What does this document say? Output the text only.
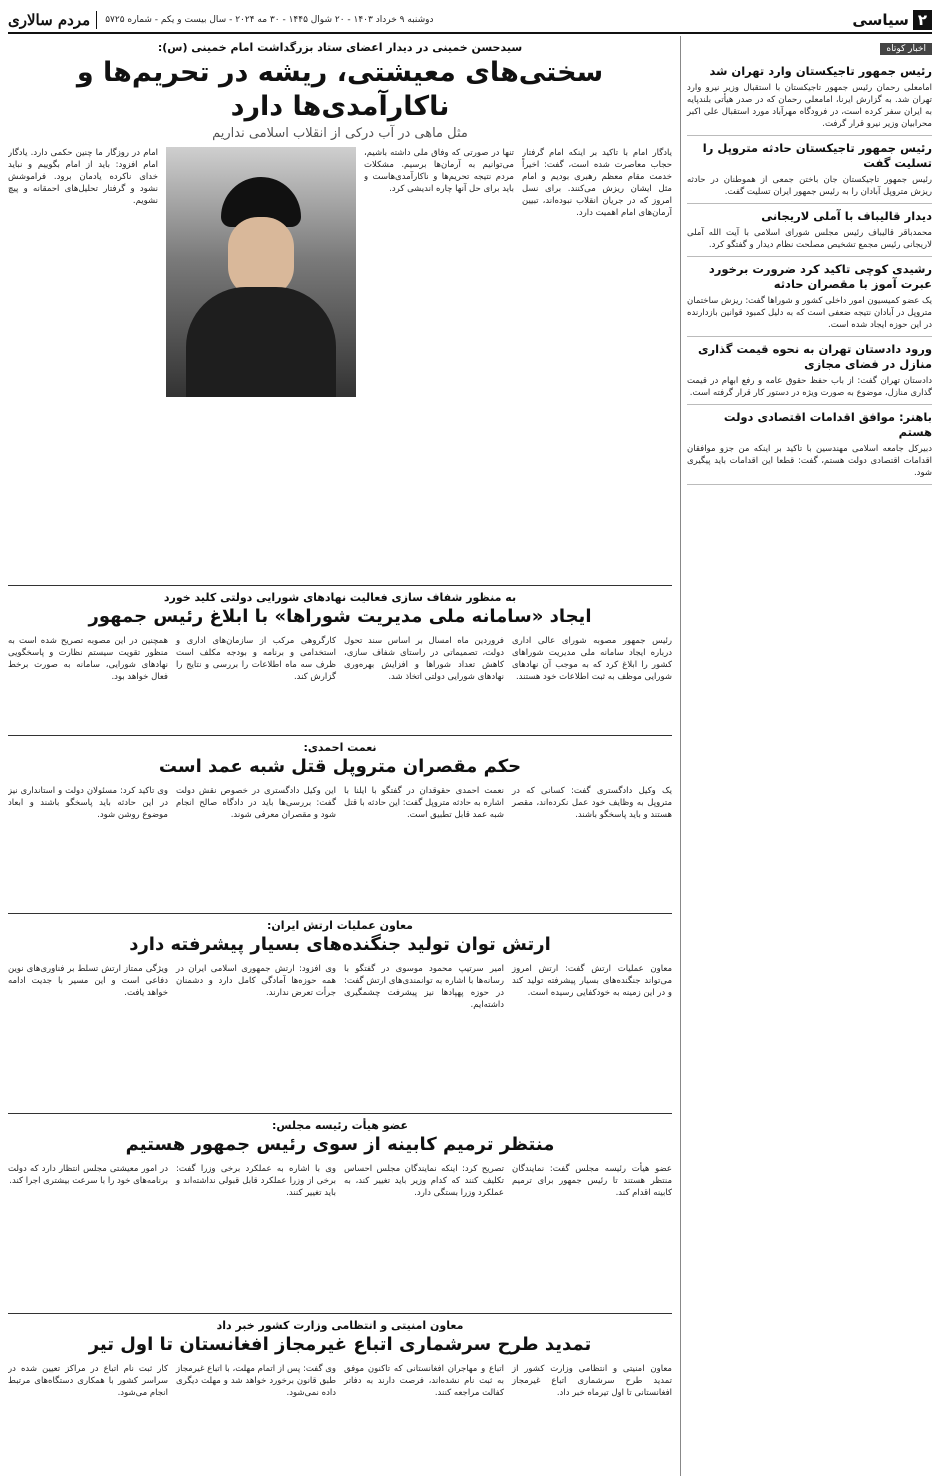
۲
سیاسی
دوشنبه ۹ خرداد ۱۴۰۳ - ۲۰ شوال ۱۴۴۵ - ۳۰ مه ۲۰۲۴ - سال بیست و یکم - شماره ۵۷۲۵
مردم سالاری
اخبار کوتاه
رئیس جمهور تاجیکستان وارد تهران شد

امامعلی رحمان رئیس جمهور تاجیکستان با استقبال وزیر نیرو وارد تهران شد. به گزارش ایرنا، امامعلی رحمان که در صدر هیأتی بلندپایه به ایران سفر کرده است، در فرودگاه مهرآباد مورد استقبال علی اکبر محرابیان وزیر نیرو قرار گرفت.

رئیس جمهور تاجیکستان حادثه متروپل را تسلیت گفت

رئیس جمهور تاجیکستان جان باختن جمعی از هموطنان در حادثه ریزش متروپل آبادان را به رئیس جمهور ایران تسلیت گفت.

دیدار قالیباف با آملی لاریجانی

محمدباقر قالیباف رئیس مجلس شورای اسلامی با آیت الله آملی لاریجانی رئیس مجمع تشخیص مصلحت نظام دیدار و گفتگو کرد.

رشیدی کوچی تاکید کرد ضرورت برخورد عبرت آموز با مقصران حادثه

یک عضو کمیسیون امور داخلی کشور و شوراها گفت: ریزش ساختمان متروپل در آبادان نتیجه ضعفی است که به دلیل کمبود قوانین بازدارنده در این حوزه ایجاد شده است.

ورود دادستان تهران به نحوه قیمت گذاری منازل در فضای مجازی

دادستان تهران گفت: از باب حفظ حقوق عامه و رفع ابهام در قیمت گذاری منازل، موضوع به صورت ویژه در دستور کار قرار گرفته است.

باهنر: موافق اقدامات اقتصادی دولت هستم

دبیرکل جامعه اسلامی مهندسین با تاکید بر اینکه من جزو موافقان اقدامات اقتصادی دولت هستم، گفت: قطعا این اقدامات باید پیگیری شود.

سیدحسن خمینی در دیدار اعضای ستاد بزرگداشت امام خمینی (س):
سختی‌های معیشتی، ریشه در تحریم‌ها و ناکارآمدی‌ها دارد
مثل ماهی در آب درکی از انقلاب اسلامی نداریم
یادگار امام با تاکید بر اینکه امام گرفتار حجاب معاصرت شده است، گفت: اخیراً خدمت مقام معظم رهبری بودیم و امام مثل ایشان ریزش می‌کنند. برای نسل امروز که در جریان انقلاب نبوده‌اند، تبیین آرمان‌های امام اهمیت دارد.
تنها در صورتی که وفاق ملی داشته باشیم، می‌توانیم به آرمان‌ها برسیم. مشکلات مردم نتیجه تحریم‌ها و ناکارآمدی‌هاست و باید برای حل آنها چاره اندیشی کرد.
امام در روزگار ما چنین حکمی دارد. یادگار امام افزود: باید از امام بگوییم و نباید خدای ناکرده یادمان برود. فراموشش نشود و گرفتار تحلیل‌های احمقانه و پیچ نشویم.
به منظور شفاف سازی فعالیت نهادهای شورایی دولتی کلید خورد
ایجاد «سامانه ملی مدیریت شوراها» با ابلاغ رئیس جمهور

رئیس جمهور مصوبه شورای عالی اداری درباره ایجاد سامانه ملی مدیریت شوراهای کشور را ابلاغ کرد که به موجب آن نهادهای شورایی موظف به ثبت اطلاعات خود هستند.

فروردین ماه امسال بر اساس سند تحول دولت، تصمیماتی در راستای شفاف سازی، کاهش تعداد شوراها و افزایش بهره‌وری نهادهای شورایی دولتی اتخاذ شد.

کارگروهی مرکب از سازمان‌های اداری و استخدامی و برنامه و بودجه مکلف است ظرف سه ماه اطلاعات را بررسی و نتایج را گزارش کند.

همچنین در این مصوبه تصریح شده است به منظور تقویت سیستم نظارت و پاسخگویی نهادهای شورایی، سامانه به صورت برخط فعال خواهد بود.

نعمت احمدی:
حکم مقصران متروپل قتل شبه عمد است

یک وکیل دادگستری گفت: کسانی که در متروپل به وظایف خود عمل نکرده‌اند، مقصر هستند و باید پاسخگو باشند.

نعمت احمدی حقوقدان در گفتگو با ایلنا با اشاره به حادثه متروپل گفت: این حادثه با قتل شبه عمد قابل تطبیق است.

این وکیل دادگستری در خصوص نقش دولت گفت: بررسی‌ها باید در دادگاه صالح انجام شود و مقصران معرفی شوند.

وی تاکید کرد: مسئولان دولت و استانداری نیز در این حادثه باید پاسخگو باشند و ابعاد موضوع روشن شود.

معاون عملیات ارتش ایران:
ارتش توان تولید جنگنده‌های بسیار پیشرفته دارد

معاون عملیات ارتش گفت: ارتش امروز می‌تواند جنگنده‌های بسیار پیشرفته تولید کند و در این زمینه به خودکفایی رسیده است.

امیر سرتیپ محمود موسوی در گفتگو با رسانه‌ها با اشاره به توانمندی‌های ارتش گفت: در حوزه پهپادها نیز پیشرفت چشمگیری داشته‌ایم.

وی افزود: ارتش جمهوری اسلامی ایران در همه حوزه‌ها آمادگی کامل دارد و دشمنان جرأت تعرض ندارند.

ویژگی ممتاز ارتش تسلط بر فناوری‌های نوین دفاعی است و این مسیر با جدیت ادامه خواهد یافت.

عضو هیأت رئیسه مجلس:
منتظر ترمیم کابینه از سوی رئیس جمهور هستیم

عضو هیأت رئیسه مجلس گفت: نمایندگان منتظر هستند تا رئیس جمهور برای ترمیم کابینه اقدام کند.

تصریح کرد: اینکه نمایندگان مجلس احساس تکلیف کنند که کدام وزیر باید تغییر کند، به عملکرد وزرا بستگی دارد.

وی با اشاره به عملکرد برخی وزرا گفت: برخی از وزرا عملکرد قابل قبولی نداشته‌اند و باید تغییر کنند.

در امور معیشتی مجلس انتظار دارد که دولت برنامه‌های خود را با سرعت بیشتری اجرا کند.

معاون امنیتی و انتظامی وزارت کشور خبر داد
تمدید طرح سرشماری اتباع غیرمجاز افغانستان تا اول تیر

معاون امنیتی و انتظامی وزارت کشور از تمدید طرح سرشماری اتباع غیرمجاز افغانستانی تا اول تیرماه خبر داد.

اتباع و مهاجران افغانستانی که تاکنون موفق به ثبت نام نشده‌اند، فرصت دارند به دفاتر کفالت مراجعه کنند.

وی گفت: پس از اتمام مهلت، با اتباع غیرمجاز طبق قانون برخورد خواهد شد و مهلت دیگری داده نمی‌شود.

کار ثبت نام اتباع در مراکز تعیین شده در سراسر کشور با همکاری دستگاه‌های مرتبط انجام می‌شود.
